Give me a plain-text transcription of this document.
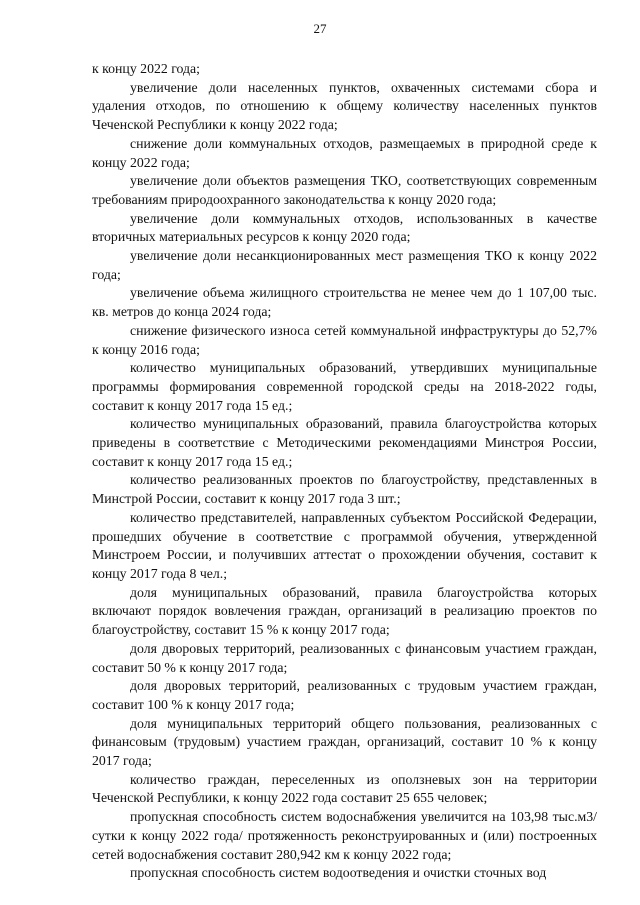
27

к концу 2022 года;

увеличение доли населенных пунктов, охваченных системами сбора и удаления отходов, по отношению к общему количеству населенных пунктов Чеченской Республики к концу 2022 года;

снижение доли коммунальных отходов, размещаемых в природной среде к концу 2022 года;

увеличение доли объектов размещения ТКО, соответствующих современным требованиям природоохранного законодательства к концу 2020 года;

увеличение доли коммунальных отходов, использованных в качестве вторичных материальных ресурсов к концу 2020 года;

увеличение доли несанкционированных мест размещения ТКО к концу 2022 года;

увеличение объема жилищного строительства не менее чем до 1 107,00 тыс. кв. метров до конца 2024 года;

снижение физического износа сетей коммунальной инфраструктуры до 52,7% к концу 2016 года;

количество муниципальных образований, утвердивших муниципальные программы формирования современной городской среды на 2018-2022 годы, составит к концу 2017 года 15 ед.;

количество муниципальных образований, правила благоустройства которых приведены в соответствие с Методическими рекомендациями Минстроя России, составит к концу 2017 года 15 ед.;

количество реализованных проектов по благоустройству, представленных в Минстрой России, составит к концу 2017 года 3 шт.;

количество представителей, направленных субъектом Российской Федерации, прошедших обучение в соответствие с программой обучения, утвержденной Минстроем России, и получивших аттестат о прохождении обучения, составит к концу 2017 года 8 чел.;

доля муниципальных образований, правила благоустройства которых включают порядок вовлечения граждан, организаций в реализацию проектов по благоустройству, составит 15 % к концу 2017 года;

доля дворовых территорий, реализованных с финансовым участием граждан, составит 50 % к концу 2017 года;

доля дворовых территорий, реализованных с трудовым участием граждан, составит 100 % к концу 2017 года;

доля муниципальных территорий общего пользования, реализованных с финансовым (трудовым) участием граждан, организаций, составит 10 % к концу 2017 года;

количество граждан, переселенных из оползневых зон на территории Чеченской Республики, к концу 2022 года составит 25 655 человек;

пропускная способность систем водоснабжения увеличится на 103,98 тыс.м3/сутки к концу 2022 года/ протяженность реконструированных и (или) построенных сетей водоснабжения составит 280,942 км к концу 2022 года;

пропускная способность систем водоотведения и очистки сточных вод
